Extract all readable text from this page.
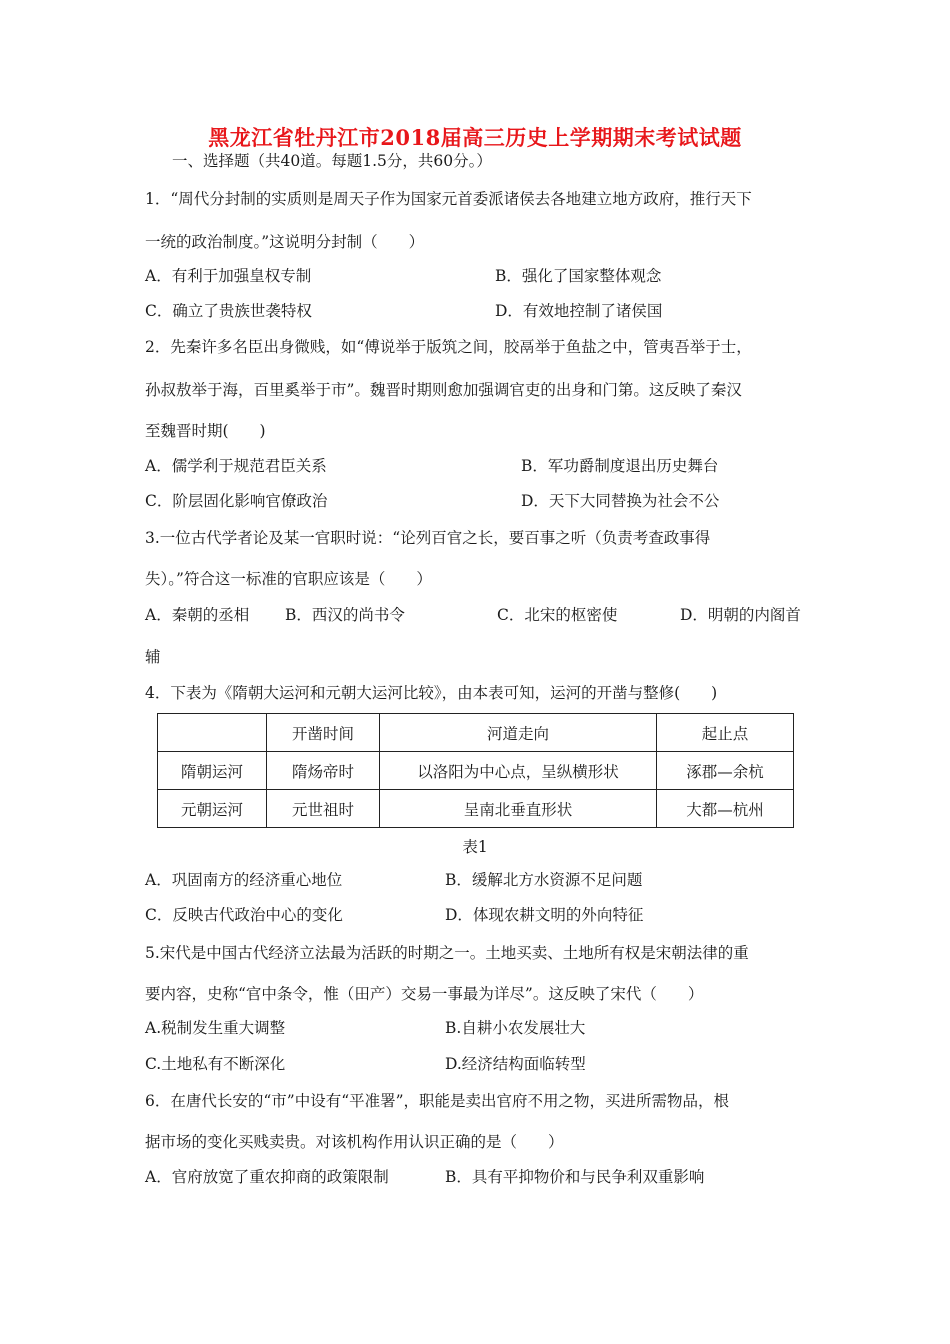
黑龙江省牡丹江市2018届高三历史上学期期末考试试题
一、选择题（共40道。每题1.5分，共60分。）
1．“周代分封制的实质则是周天子作为国家元首委派诸侯去各地建立地方政府，推行天下
一统的政治制度。”这说明分封制（　　）
A．有利于加强皇权专制	B．强化了国家整体观念
C．确立了贵族世袭特权	D．有效地控制了诸侯国
2．先秦许多名臣出身微贱，如“傅说举于版筑之间，胶鬲举于鱼盐之中，管夷吾举于士，
孙叔敖举于海，百里奚举于市”。魏晋时期则愈加强调官吏的出身和门第。这反映了秦汉
至魏晋时期(　　)
A．儒学利于规范君臣关系	B．军功爵制度退出历史舞台
C．阶层固化影响官僚政治	D．天下大同替换为社会不公
3.一位古代学者论及某一官职时说：“论列百官之长，要百事之听（负责考查政事得
失）。”符合这一标准的官职应该是（　　）
A．秦朝的丞相 B．西汉的尚书令	C．北宋的枢密使	D．明朝的内阁首
辅
4．下表为《隋朝大运河和元朝大运河比较》，由本表可知，运河的开凿与整修(　　)
	开凿时间	河道走向	起止点
隋朝运河	隋炀帝时	以洛阳为中心点，呈纵横形状	涿郡—余杭
元朝运河	元世祖时	呈南北垂直形状	大都—杭州
表1
A．巩固南方的经济重心地位	B．缓解北方水资源不足问题
C．反映古代政治中心的变化	D．体现农耕文明的外向特征
5.宋代是中国古代经济立法最为活跃的时期之一。土地买卖、土地所有权是宋朝法律的重
要内容，史称“官中条令，惟（田产）交易一事最为详尽”。这反映了宋代（　　）
A.税制发生重大调整	B.自耕小农发展壮大
C.土地私有不断深化	D.经济结构面临转型
6．在唐代长安的“市”中设有“平准署”，职能是卖出官府不用之物，买进所需物品，根
据市场的变化买贱卖贵。对该机构作用认识正确的是（　　）
A．官府放宽了重农抑商的政策限制	B．具有平抑物价和与民争利双重影响
